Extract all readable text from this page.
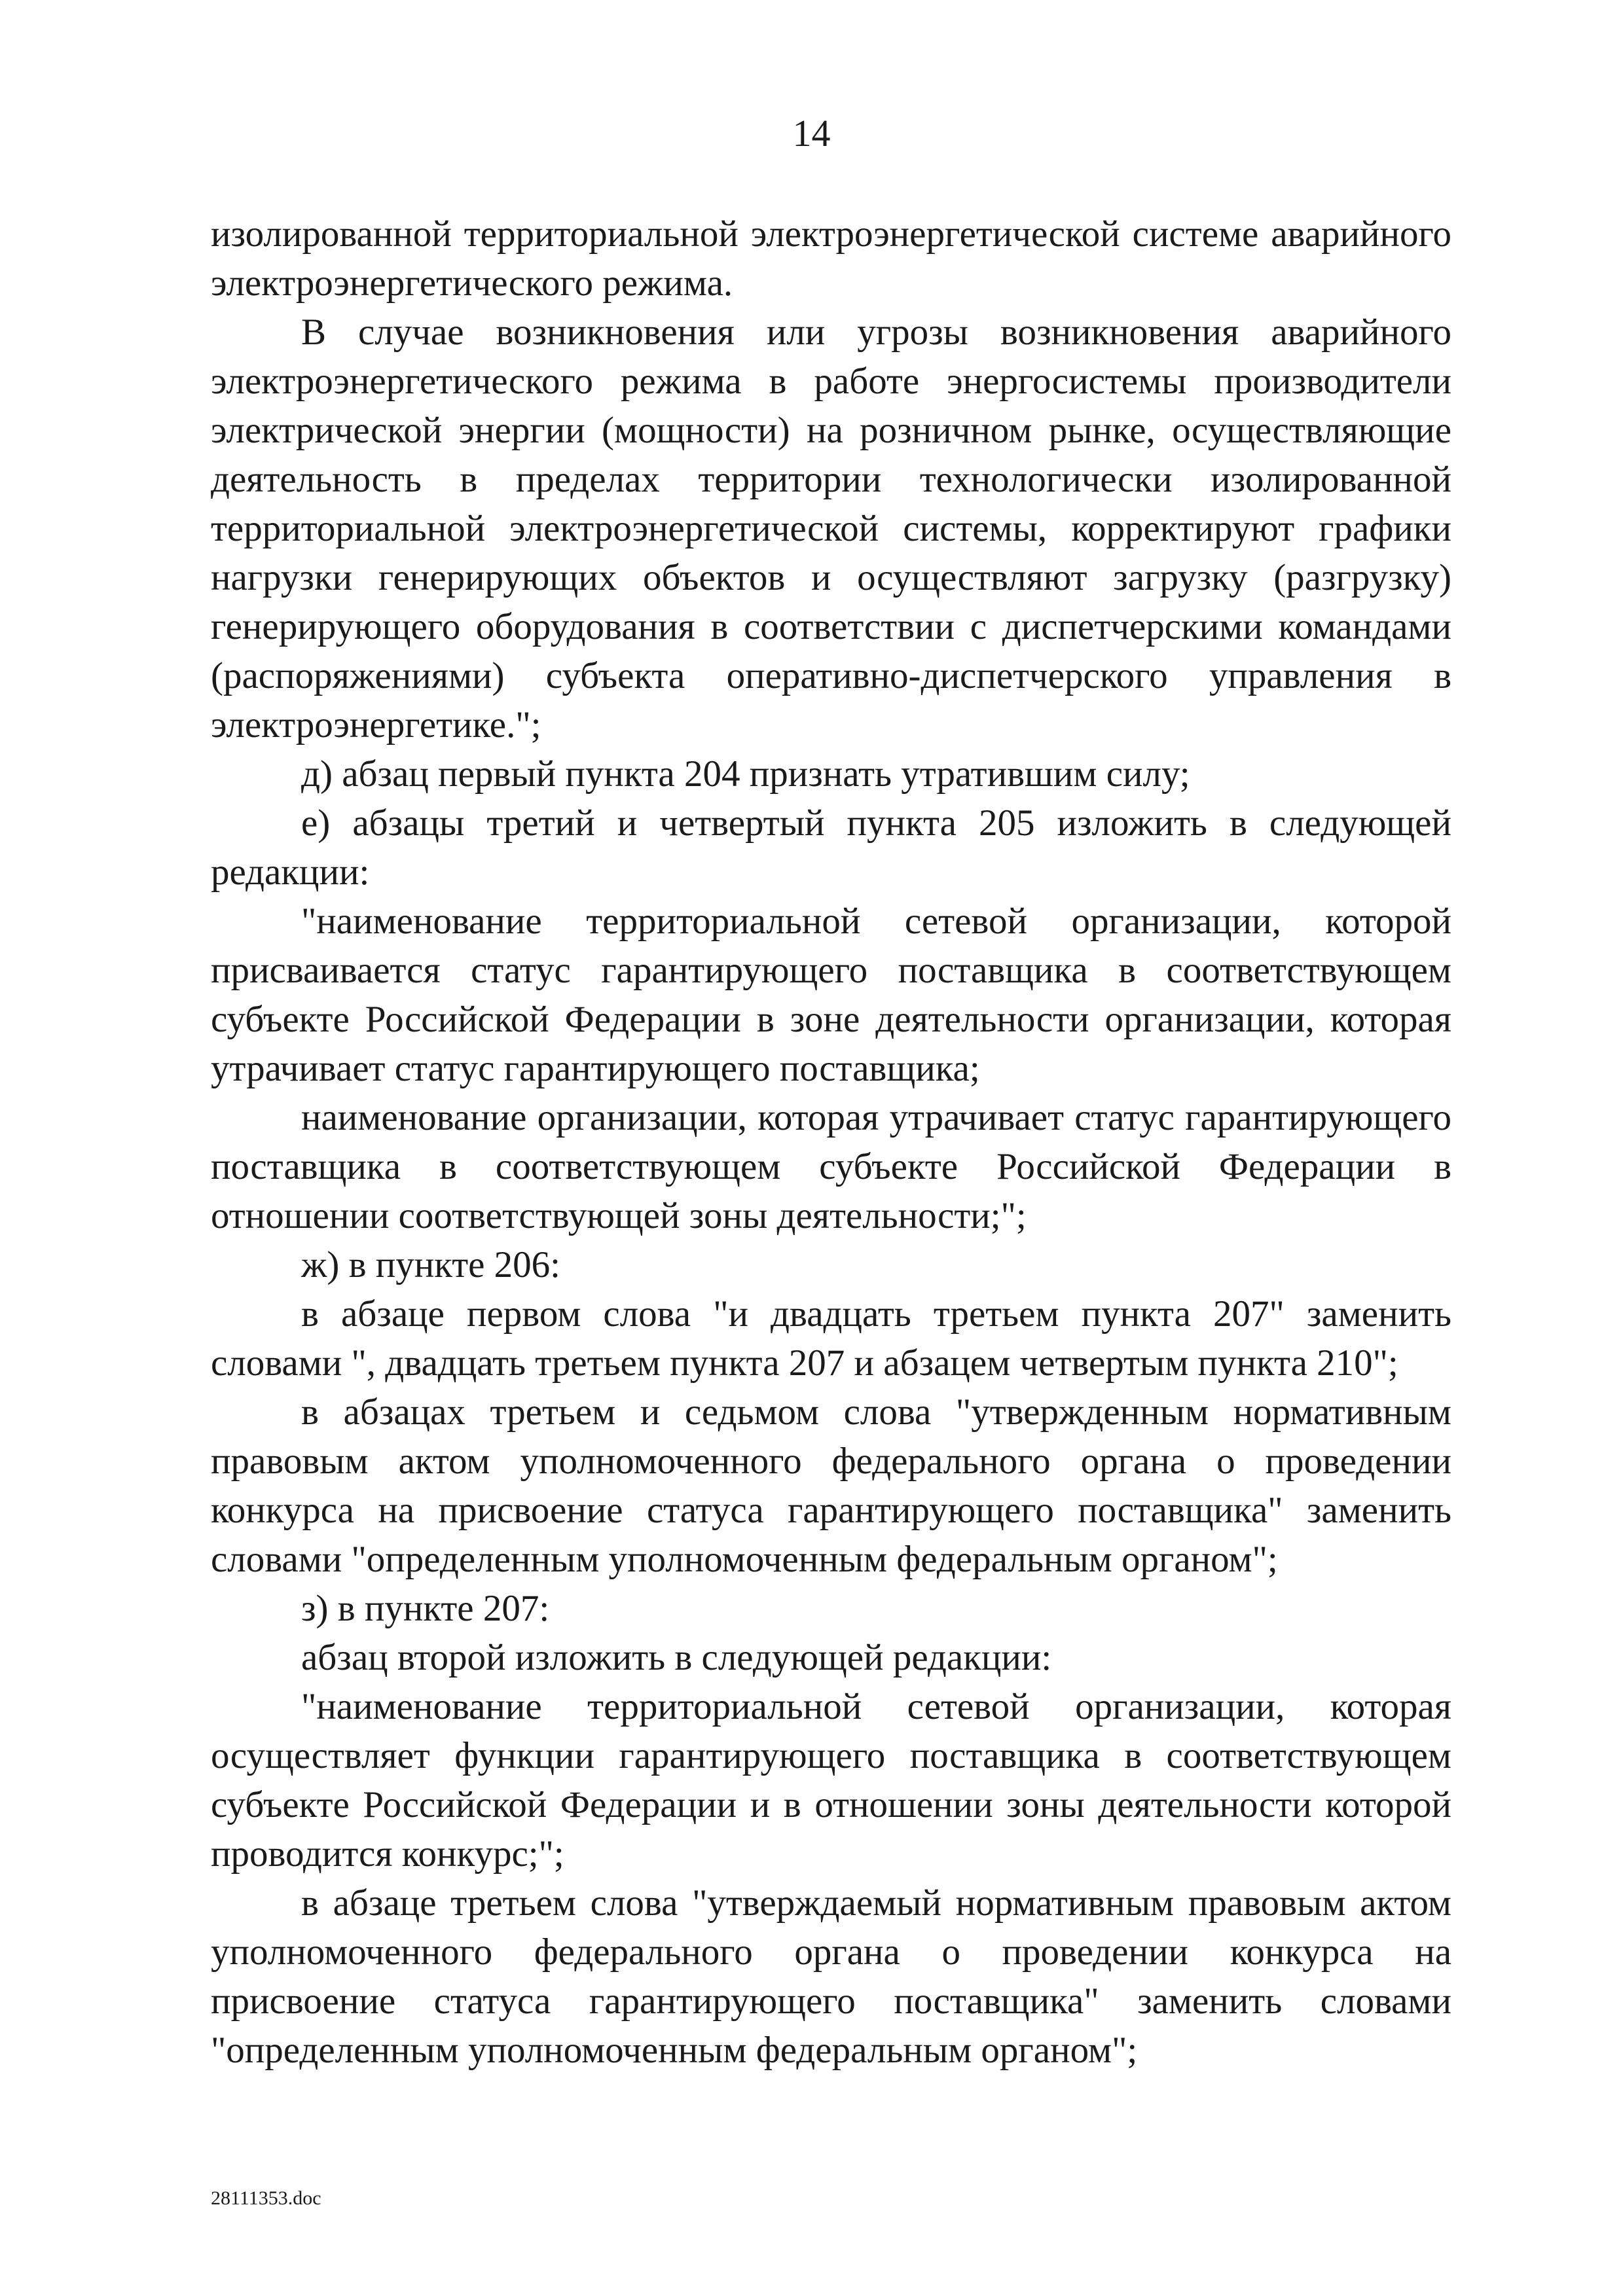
14

изолированной территориальной электроэнергетической системе аварийного электроэнергетического режима.

В случае возникновения или угрозы возникновения аварийного электроэнергетического режима в работе энергосистемы производители электрической энергии (мощности) на розничном рынке, осуществляющие деятельность в пределах территории технологически изолированной территориальной электроэнергетической системы, корректируют графики нагрузки генерирующих объектов и осуществляют загрузку (разгрузку) генерирующего оборудования в соответствии с диспетчерскими командами (распоряжениями) субъекта оперативно-диспетчерского управления в электроэнергетике.";

д) абзац первый пункта 204 признать утратившим силу;

е) абзацы третий и четвертый пункта 205 изложить в следующей редакции:

"наименование территориальной сетевой организации, которой присваивается статус гарантирующего поставщика в соответствующем субъекте Российской Федерации в зоне деятельности организации, которая утрачивает статус гарантирующего поставщика;

наименование организации, которая утрачивает статус гарантирующего поставщика в соответствующем субъекте Российской Федерации в отношении соответствующей зоны деятельности;";

ж) в пункте 206:

в абзаце первом слова "и двадцать третьем пункта 207" заменить словами ", двадцать третьем пункта 207 и абзацем четвертым пункта 210";

в абзацах третьем и седьмом слова "утвержденным нормативным правовым актом уполномоченного федерального органа о проведении конкурса на присвоение статуса гарантирующего поставщика" заменить словами "определенным уполномоченным федеральным органом";

з) в пункте 207:

абзац второй изложить в следующей редакции:

"наименование территориальной сетевой организации, которая осуществляет функции гарантирующего поставщика в соответствующем субъекте Российской Федерации и в отношении зоны деятельности которой проводится конкурс;";

в абзаце третьем слова "утверждаемый нормативным правовым актом уполномоченного федерального органа о проведении конкурса на присвоение статуса гарантирующего поставщика" заменить словами "определенным уполномоченным федеральным органом";

28111353.doc
